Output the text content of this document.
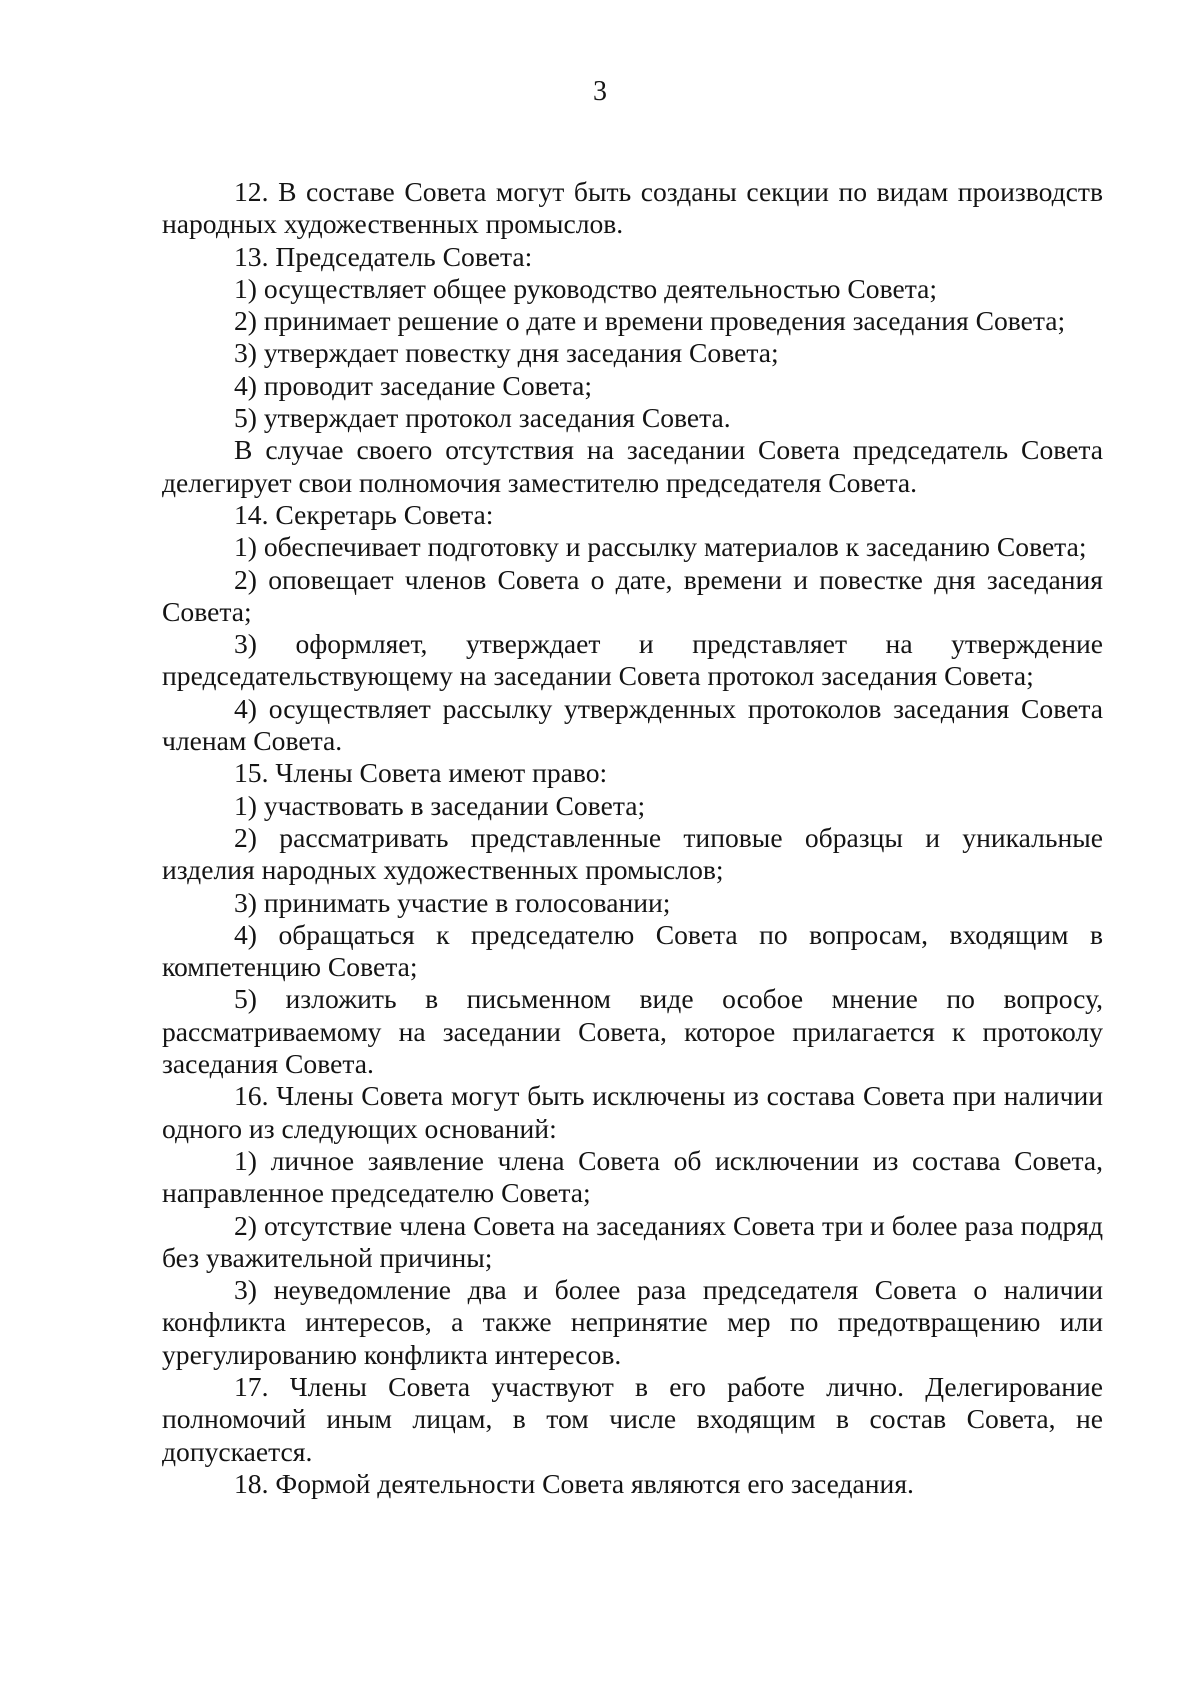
3

12. В составе Совета могут быть созданы секции по видам производств народных художественных промыслов.

13. Председатель Совета:

1) осуществляет общее руководство деятельностью Совета;

2) принимает решение о дате и времени проведения заседания Совета;

3) утверждает повестку дня заседания Совета;

4) проводит заседание Совета;

5) утверждает протокол заседания Совета.

В случае своего отсутствия на заседании Совета председатель Совета делегирует свои полномочия заместителю председателя Совета.

14. Секретарь Совета:

1) обеспечивает подготовку и рассылку материалов к заседанию Совета;

2) оповещает членов Совета о дате, времени и повестке дня заседания Совета;

3) оформляет, утверждает и представляет на утверждение председательствующему на заседании Совета протокол заседания Совета;

4) осуществляет рассылку утвержденных протоколов заседания Совета членам Совета.

15. Члены Совета имеют право:

1) участвовать в заседании Совета;

2) рассматривать представленные типовые образцы и уникальные изделия народных художественных промыслов;

3) принимать участие в голосовании;

4) обращаться к председателю Совета по вопросам, входящим в компетенцию Совета;

5) изложить в письменном виде особое мнение по вопросу, рассматриваемому на заседании Совета, которое прилагается к протоколу заседания Совета.

16. Члены Совета могут быть исключены из состава Совета при наличии одного из следующих оснований:

1) личное заявление члена Совета об исключении из состава Совета, направленное председателю Совета;

2) отсутствие члена Совета на заседаниях Совета три и более раза подряд без уважительной причины;

3) неуведомление два и более раза председателя Совета о наличии конфликта интересов, а также непринятие мер по предотвращению или урегулированию конфликта интересов.

17. Члены Совета участвуют в его работе лично. Делегирование полномочий иным лицам, в том числе входящим в состав Совета, не допускается.

18. Формой деятельности Совета являются его заседания.
